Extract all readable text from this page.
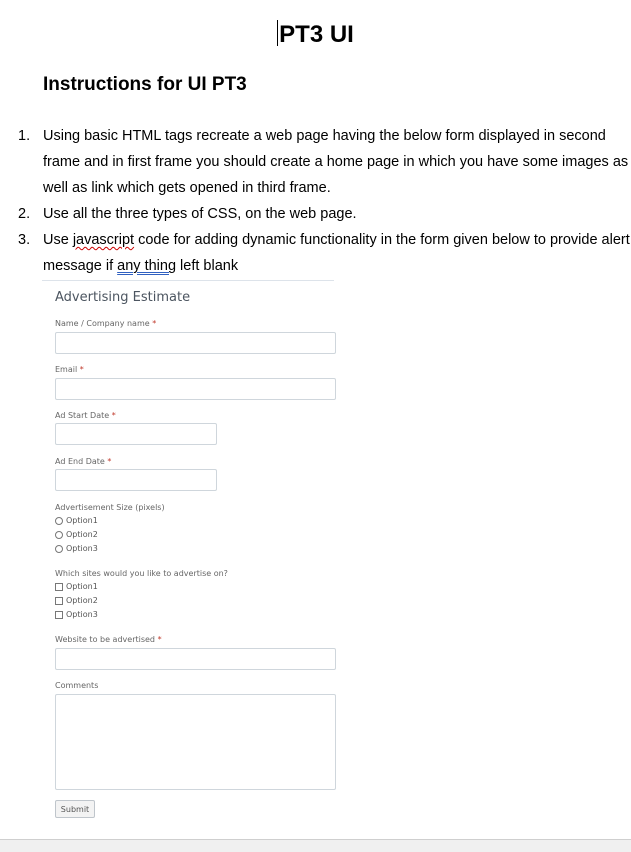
PT3 UI
Instructions for UI PT3
1. Using basic HTML tags recreate a web page having the below form displayed in second frame and in first frame you should create a home page in which you have some images as well as link which gets opened in third frame.
2. Use all the three types of CSS, on the web page.
3. Use javascript code for adding dynamic functionality in the form given below to provide alert message if any thing left blank
Advertising Estimate
Name / Company name *
Email *
Ad Start Date *
Ad End Date *
Advertisement Size (pixels)
Option1
Option2
Option3
Which sites would you like to advertise on?
Option1
Option2
Option3
Website to be advertised *
Comments
Submit
